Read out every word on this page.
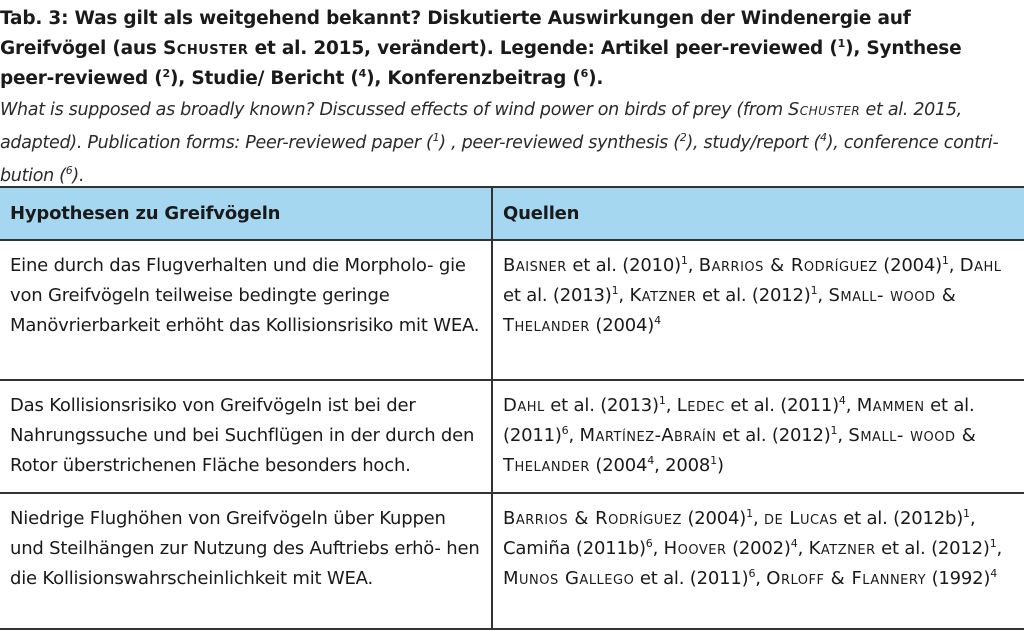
Tab. 3: Was gilt als weitgehend bekannt? Diskutierte Auswirkungen der Windenergie auf Greifvögel (aus Schuster et al. 2015, verändert). Legende: Artikel peer-reviewed ($^1$), Synthese peer-reviewed ($^2$), Studie/ Bericht ($^4$), Konferenzbeitrag ($^6$).

What is supposed as broadly known? Discussed effects of wind power on birds of prey (from Schuster et al. 2015, adapted). Publication forms: Peer-reviewed paper ($^1$) , peer-reviewed synthesis ($^2$), study/report ($^4$), conference contri- bution ($^6$).

Hypothesen zu Greifvögeln	Quellen
Eine durch das Flugverhalten und die Morpholo- gie von Greifvögeln teilweise bedingte geringe Manövrierbarkeit erhöht das Kollisionsrisiko mit WEA.	Baisner et al. $(2010)^1$, Barrios & Rodríguez $(2004)^1$, Dahl et al. $(2013)^1$, Katzner et al. $(2012)^1$, Small- wood & Thelander $(2004)^4$
Das Kollisionsrisiko von Greifvögeln ist bei der Nahrungssuche und bei Suchflügen in der durch den Rotor überstrichenen Fläche besonders hoch.	Dahl et al. $(2013)^1$, Ledec et al. $(2011)^4$, Mammen et al. $(2011)^6$, Martínez-Abraín et al. $(2012)^1$, Small- wood & Thelander (2004$^4$, 2008$^1$)
Niedrige Flughöhen von Greifvögeln über Kuppen und Steilhängen zur Nutzung des Auftriebs erhö- hen die Kollisionswahrscheinlichkeit mit WEA.	Barrios & Rodríguez $(2004)^1$, de Lucas et al. $(2012b)^1$, Camiña $(2011b)^6$, Hoover $(2002)^4$, Katzner et al. $(2012)^1$, Munos Gallego et al. $(2011)^6$, Orloff & Flannery $(1992)^4$
